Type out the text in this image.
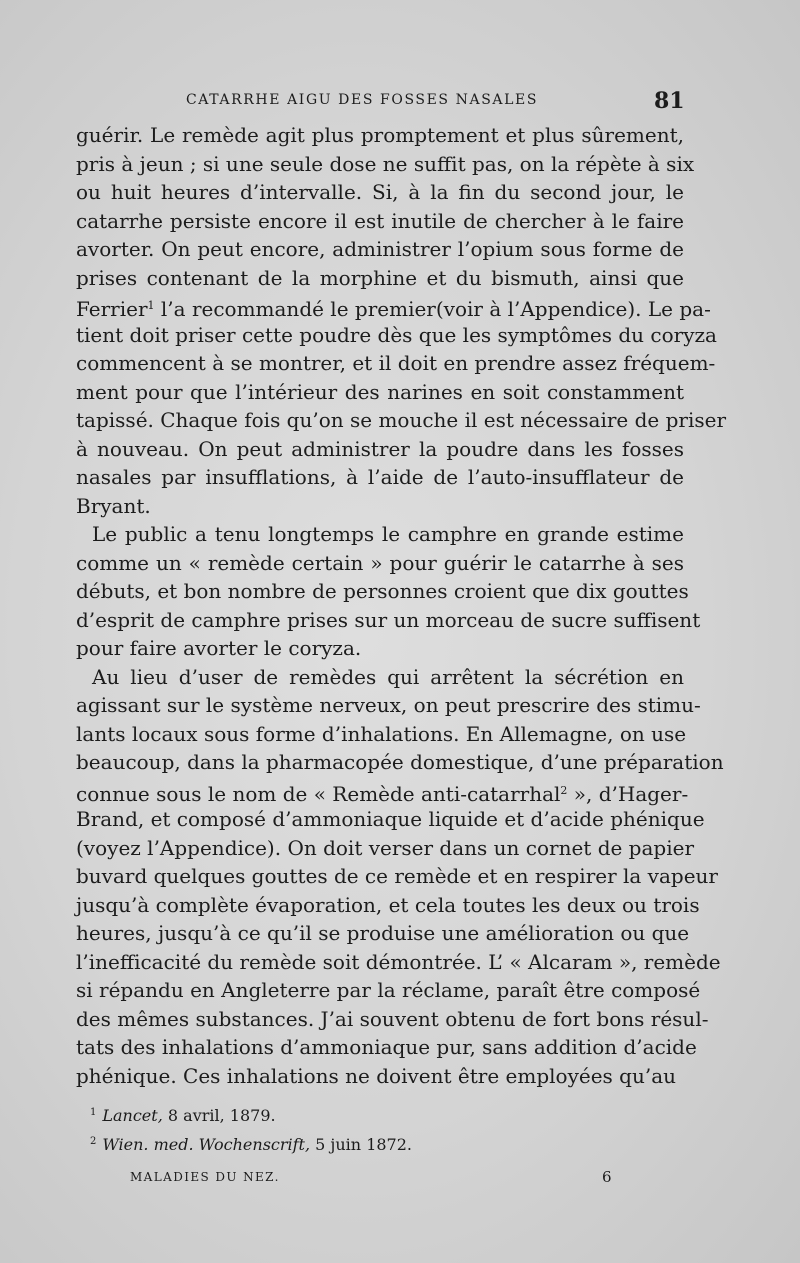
CATARRHE AIGU DES FOSSES NASALES	81
guérir. Le remède agit plus promptement et plus sûrement,
pris à jeun ; si une seule dose ne suffit pas, on la répète à six
ou huit heures d’intervalle. Si, à la fin du second jour, le
catarrhe persiste encore il est inutile de chercher à le faire
avorter. On peut encore, administrer l’opium sous forme de
prises contenant de la morphine et du bismuth, ainsi que
Ferrier$^1$ l’a recommandé le premier(voir à l’Appendice). Le pa-
tient doit priser cette poudre dès que les symptômes du coryza
commencent à se montrer, et il doit en prendre assez fréquem-
ment pour que l’intérieur des narines en soit constamment
tapissé. Chaque fois qu’on se mouche il est nécessaire de priser
à nouveau. On peut administrer la poudre dans les fosses
nasales par insufflations, à l’aide de l’auto-insufflateur de
Bryant.
Le public a tenu longtemps le camphre en grande estime
comme un « remède certain » pour guérir le catarrhe à ses
débuts, et bon nombre de personnes croient que dix gouttes
d’esprit de camphre prises sur un morceau de sucre suffisent
pour faire avorter le coryza.
Au lieu d’user de remèdes qui arrêtent la sécrétion en
agissant sur le système nerveux, on peut prescrire des stimu-
lants locaux sous forme d’inhalations. En Allemagne, on use
beaucoup, dans la pharmacopée domestique, d’une préparation
connue sous le nom de « Remède anti-catarrhal$^2$ », d’Hager-
Brand, et composé d’ammoniaque liquide et d’acide phénique
(voyez l’Appendice). On doit verser dans un cornet de papier
buvard quelques gouttes de ce remède et en respirer la vapeur
jusqu’à complète évaporation, et cela toutes les deux ou trois
heures, jusqu’à ce qu’il se produise une amélioration ou que
l’inefficacité du remède soit démontrée. L’ « Alcaram », remède
si répandu en Angleterre par la réclame, paraît être composé
des mêmes substances. J’ai souvent obtenu de fort bons résul-
tats des inhalations d’ammoniaque pur, sans addition d’acide
phénique. Ces inhalations ne doivent être employées qu’au
$^1$ Lancet, 8 avril, 1879.
$^2$ Wien. med. Wochenscrift, 5 juin 1872.
MALADIES DU NEZ.	6
